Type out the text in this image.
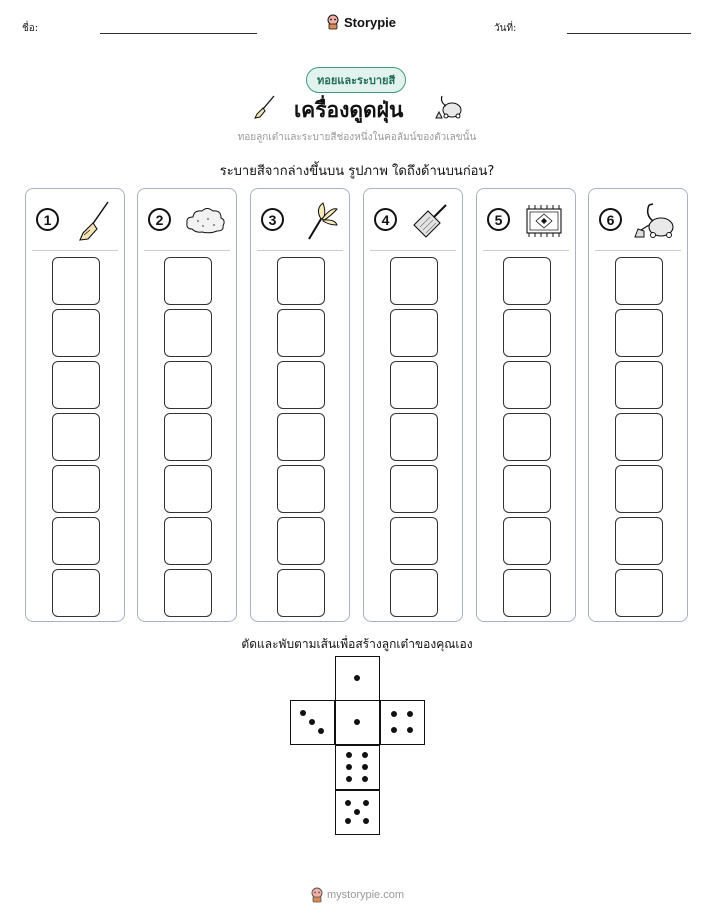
ชื่อ:	Storypie	วันที่:
ทอยและระบายสี
เครื่องดูดฝุ่น
ทอยลูกเต๋าและระบายสีช่องหนึ่งในคอลัมน์ของตัวเลขนั้น
ระบายสีจากล่างขึ้นบน รูปภาพ ใดถึงด้านบนก่อน?
1	2	3	4	5	6
ตัดและพับตามเส้นเพื่อสร้างลูกเต๋าของคุณเอง
mystorypie.com
